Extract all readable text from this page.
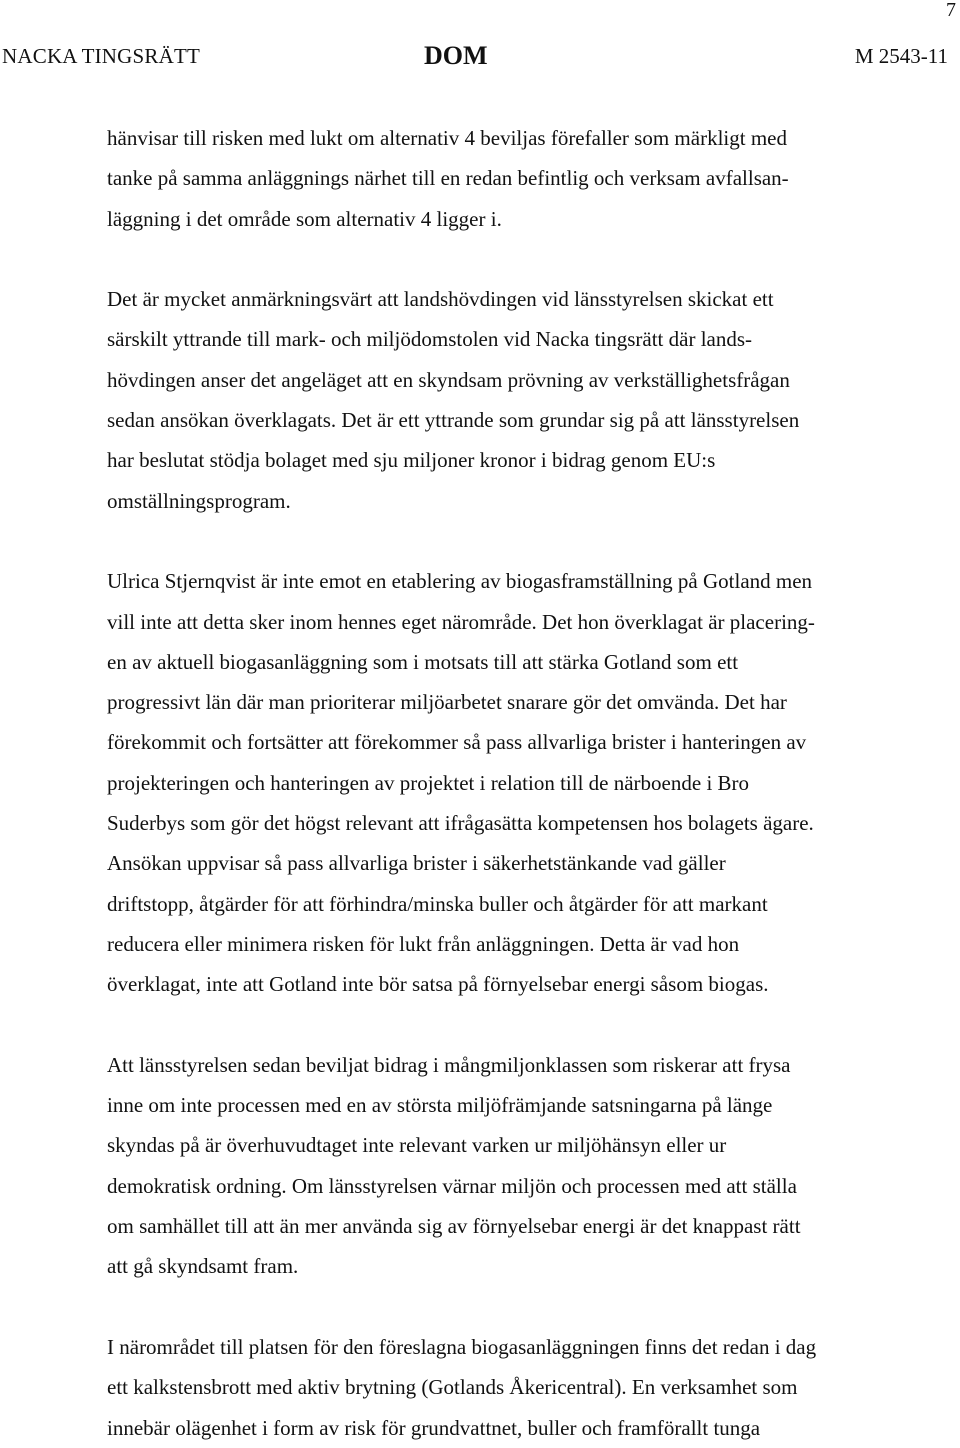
7
NACKA TINGSRÄTT	DOM	M 2543-11
hänvisar till risken med lukt om alternativ 4 beviljas förefaller som märkligt med
tanke på samma anläggnings närhet till en redan befintlig och verksam avfallsan-
läggning i det område som alternativ 4 ligger i.
Det är mycket anmärkningsvärt att landshövdingen vid länsstyrelsen skickat ett
särskilt yttrande till mark- och miljödomstolen vid Nacka tingsrätt där lands-
hövdingen anser det angeläget att en skyndsam prövning av verkställighetsfrågan
sedan ansökan överklagats. Det är ett yttrande som grundar sig på att länsstyrelsen
har beslutat stödja bolaget med sju miljoner kronor i bidrag genom EU:s
omställningsprogram.
Ulrica Stjernqvist är inte emot en etablering av biogasframställning på Gotland men
vill inte att detta sker inom hennes eget närområde. Det hon överklagat är placering-
en av aktuell biogasanläggning som i motsats till att stärka Gotland som ett
progressivt län där man prioriterar miljöarbetet snarare gör det omvända. Det har
förekommit och fortsätter att förekommer så pass allvarliga brister i hanteringen av
projekteringen och hanteringen av projektet i relation till de närboende i Bro
Suderbys som gör det högst relevant att ifrågasätta kompetensen hos bolagets ägare.
Ansökan uppvisar så pass allvarliga brister i säkerhetstänkande vad gäller
driftstopp, åtgärder för att förhindra/minska buller och åtgärder för att markant
reducera eller minimera risken för lukt från anläggningen. Detta är vad hon
överklagat, inte att Gotland inte bör satsa på förnyelsebar energi såsom biogas.
Att länsstyrelsen sedan beviljat bidrag i mångmiljonklassen som riskerar att frysa
inne om inte processen med en av största miljöfrämjande satsningarna på länge
skyndas på är överhuvudtaget inte relevant varken ur miljöhänsyn eller ur
demokratisk ordning. Om länsstyrelsen värnar miljön och processen med att ställa
om samhället till att än mer använda sig av förnyelsebar energi är det knappast rätt
att gå skyndsamt fram.
I närområdet till platsen för den föreslagna biogasanläggningen finns det redan i dag
ett kalkstensbrott med aktiv brytning (Gotlands Åkericentral). En verksamhet som
innebär olägenhet i form av risk för grundvattnet, buller och framförallt tunga
